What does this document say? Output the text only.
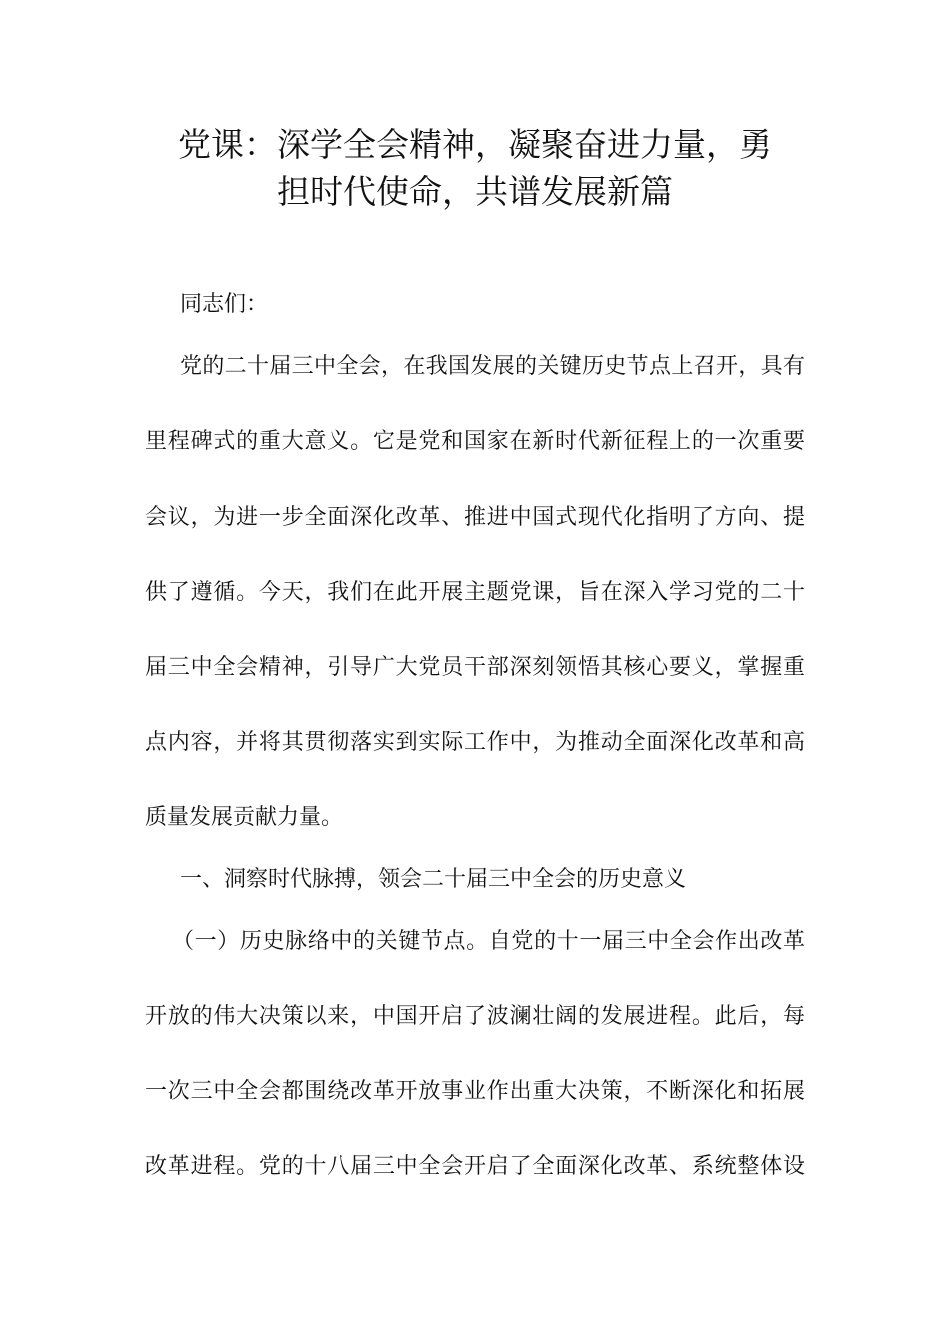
党课：深学全会精神，凝聚奋进力量，勇
担时代使命，共谱发展新篇
同志们：
党的二十届三中全会，在我国发展的关键历史节点上召开，具有
里程碑式的重大意义。它是党和国家在新时代新征程上的一次重要
会议，为进一步全面深化改革、推进中国式现代化指明了方向、提
供了遵循。今天，我们在此开展主题党课，旨在深入学习党的二十
届三中全会精神，引导广大党员干部深刻领悟其核心要义，掌握重
点内容，并将其贯彻落实到实际工作中，为推动全面深化改革和高
质量发展贡献力量。
一、洞察时代脉搏，领会二十届三中全会的历史意义
（一）历史脉络中的关键节点。自党的十一届三中全会作出改革
开放的伟大决策以来，中国开启了波澜壮阔的发展进程。此后，每
一次三中全会都围绕改革开放事业作出重大决策，不断深化和拓展
改革进程。党的十八届三中全会开启了全面深化改革、系统整体设
